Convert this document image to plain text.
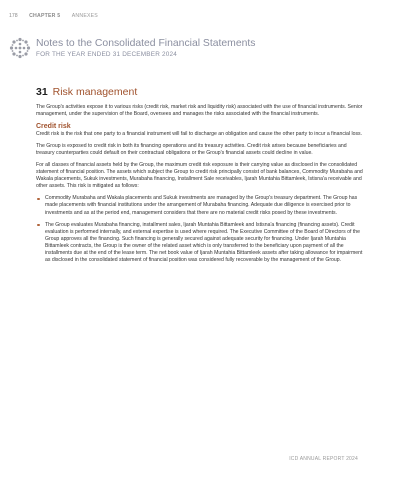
178 CHAPTER 5 ANNEXES
Notes to the Consolidated Financial Statements
FOR THE YEAR ENDED 31 DECEMBER 2024
31 Risk management

The Group's activities expose it to various risks (credit risk, market risk and liquidity risk) associated with the use of financial instruments. Senior management, under the supervision of the Board, oversees and manages the risks associated with the financial instruments.

Credit risk

Credit risk is the risk that one party to a financial instrument will fail to discharge an obligation and cause the other party to incur a financial loss.

The Group is exposed to credit risk in both its financing operations and its treasury activities. Credit risk arises because beneficiaries and treasury counterparties could default on their contractual obligations or the Group's financial assets could decline in value.

For all classes of financial assets held by the Group, the maximum credit risk exposure is their carrying value as disclosed in the consolidated statement of financial position. The assets which subject the Group to credit risk principally consist of bank balances, Commodity Murabaha and Wakala placements, Sukuk investments, Murabaha financing, Installment Sale receivables, Ijarah Muntahia Bittamleek, Istisna'a receivable and other assets. This risk is mitigated as follows:

Commodity Murabaha and Wakala placements and Sukuk investments are managed by the Group's treasury department. The Group has made placements with financial institutions under the arrangement of Murabaha financing. Adequate due diligence is exercised prior to investments and as at the period end, management considers that there are no material credit risks posed by these investments.
The Group evaluates Murabaha financing, installment sales, Ijarah Muntahia Bittamleek and Istisna'a financing (financing assets). Credit evaluation is performed internally, and external expertise is used where required. The Executive Committee of the Board of Directors of the Group approves all the financing. Such financing is generally secured against adequate security for financing. Under Ijarah Muntahia Bittamleek contracts, the Group is the owner of the related asset which is only transferred to the beneficiary upon payment of all the installments due at the end of the lease term. The net book value of Ijarah Muntahia Bittamleek assets after taking allowance for impairment as disclosed in the consolidated statement of financial position was considered fully recoverable by the management of the Group.
ICD ANNUAL REPORT 2024
